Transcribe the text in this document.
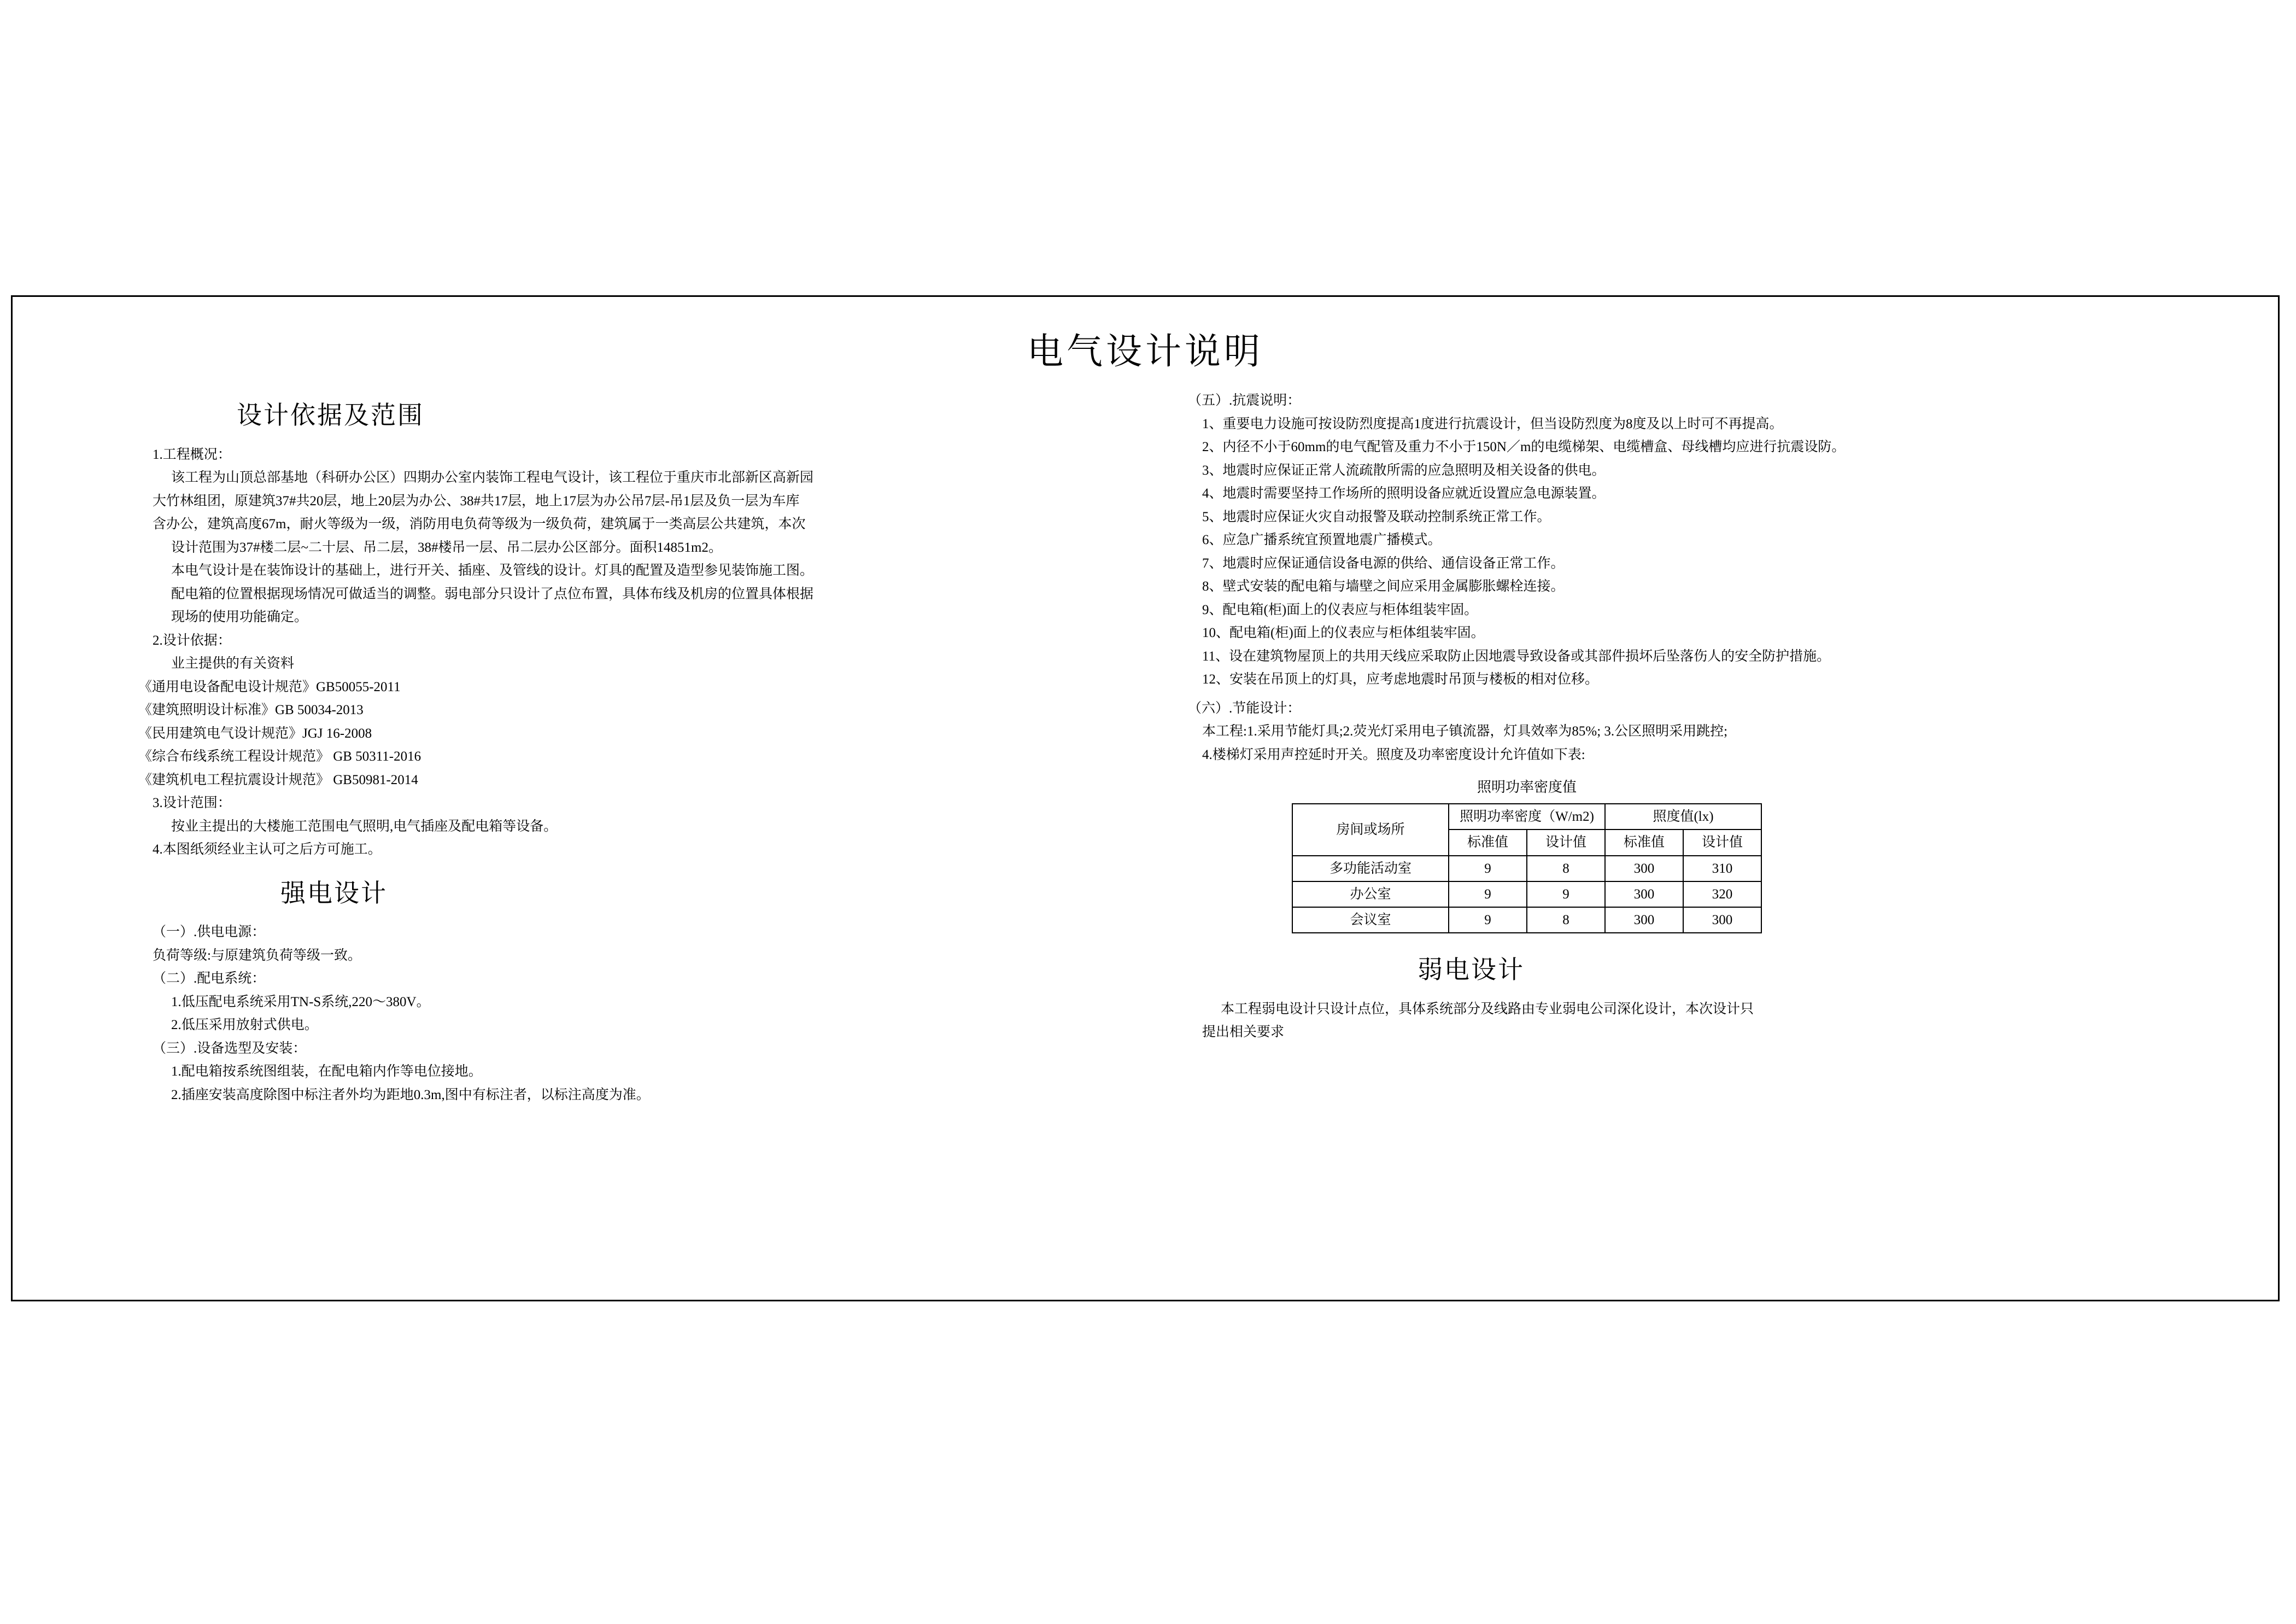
电气设计说明
设计依据及范围
1.工程概况：
该工程为山顶总部基地（科研办公区）四期办公室内装饰工程电气设计，该工程位于重庆市北部新区高新园
大竹林组团，原建筑37#共20层，地上20层为办公、38#共17层，地上17层为办公吊7层-吊1层及负一层为车库
含办公，建筑高度67m，耐火等级为一级，消防用电负荷等级为一级负荷，建筑属于一类高层公共建筑，本次
设计范围为37#楼二层~二十层、吊二层，38#楼吊一层、吊二层办公区部分。面积14851m2。
本电气设计是在装饰设计的基础上，进行开关、插座、及管线的设计。灯具的配置及造型参见装饰施工图。
配电箱的位置根据现场情况可做适当的调整。弱电部分只设计了点位布置，具体布线及机房的位置具体根据
现场的使用功能确定。
2.设计依据：
业主提供的有关资料
《通用电设备配电设计规范》GB50055-2011
《建筑照明设计标准》GB 50034-2013
《民用建筑电气设计规范》JGJ 16-2008
《综合布线系统工程设计规范》 GB 50311-2016
《建筑机电工程抗震设计规范》 GB50981-2014
3.设计范围：
按业主提出的大楼施工范围电气照明,电气插座及配电箱等设备。
4.本图纸须经业主认可之后方可施工。
强电设计
（一）.供电电源：
负荷等级:与原建筑负荷等级一致。
（二）.配电系统：
1.低压配电系统采用TN-S系统,220～380V。
2.低压采用放射式供电。
（三）.设备选型及安装：
1.配电箱按系统图组装，在配电箱内作等电位接地。
2.插座安装高度除图中标注者外均为距地0.3m,图中有标注者，以标注高度为准。
（五）.抗震说明：
1、重要电力设施可按设防烈度提高1度进行抗震设计，但当设防烈度为8度及以上时可不再提高。
2、内径不小于60mm的电气配管及重力不小于150N／m的电缆梯架、电缆槽盒、母线槽均应进行抗震设防。
3、地震时应保证正常人流疏散所需的应急照明及相关设备的供电。
4、地震时需要坚持工作场所的照明设备应就近设置应急电源装置。
5、地震时应保证火灾自动报警及联动控制系统正常工作。
6、应急广播系统宜预置地震广播模式。
7、地震时应保证通信设备电源的供给、通信设备正常工作。
8、壁式安装的配电箱与墙壁之间应采用金属膨胀螺栓连接。
9、配电箱(柜)面上的仪表应与柜体组装牢固。
10、配电箱(柜)面上的仪表应与柜体组装牢固。
11、设在建筑物屋顶上的共用天线应采取防止因地震导致设备或其部件损坏后坠落伤人的安全防护措施。
12、安装在吊顶上的灯具，应考虑地震时吊顶与楼板的相对位移。
（六）.节能设计：
本工程:1.采用节能灯具;2.荧光灯采用电子镇流器，灯具效率为85%; 3.公区照明采用跳控;
4.楼梯灯采用声控延时开关。照度及功率密度设计允许值如下表:
照明功率密度值
房间或场所	照明功率密度（W/m2)		照度值(lx)	
	标准值	设计值	标准值	设计值
多功能活动室	9	8	300	310
办公室	9	9	300	320
会议室	9	8	300	300
弱电设计
本工程弱电设计只设计点位，具体系统部分及线路由专业弱电公司深化设计，本次设计只
提出相关要求
